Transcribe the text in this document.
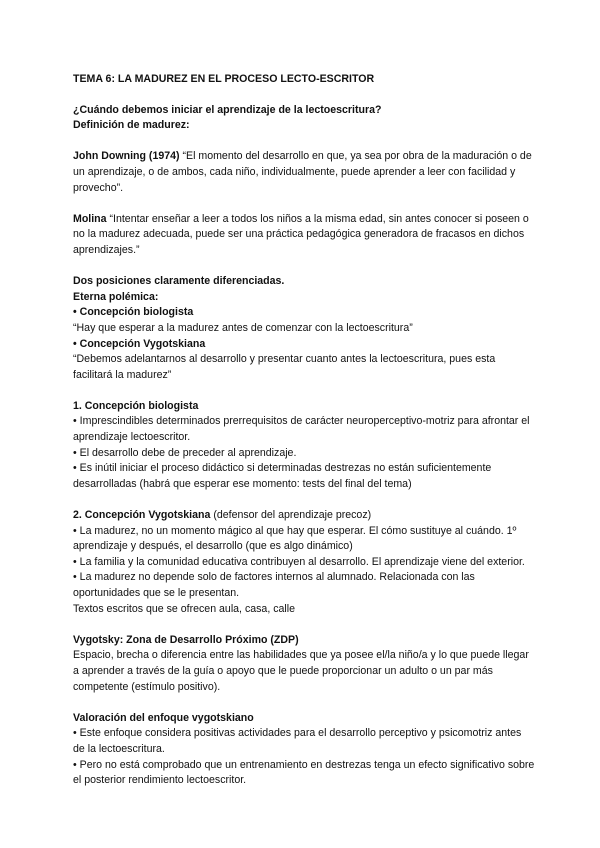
TEMA 6: LA MADUREZ EN EL PROCESO LECTO-ESCRITOR

¿Cuándo debemos iniciar el aprendizaje de la lectoescritura?

Definición de madurez:

John Downing (1974) “El momento del desarrollo en que, ya sea por obra de la maduración o de un aprendizaje, o de ambos, cada niño, individualmente, puede aprender a leer con facilidad y provecho”.

Molina “Intentar enseñar a leer a todos los niños a la misma edad, sin antes conocer si poseen o no la madurez adecuada, puede ser una práctica pedagógica generadora de fracasos en dichos aprendizajes.”

Dos posiciones claramente diferenciadas.

Eterna polémica:

• Concepción biologista

“Hay que esperar a la madurez antes de comenzar con la lectoescritura”

• Concepción Vygotskiana

“Debemos adelantarnos al desarrollo y presentar cuanto antes la lectoescritura, pues esta facilitará la madurez”

1. Concepción biologista

• Imprescindibles determinados prerrequisitos de carácter neuroperceptivo-motriz para afrontar el aprendizaje lectoescritor.

• El desarrollo debe de preceder al aprendizaje.

• Es inútil iniciar el proceso didáctico si determinadas destrezas no están suficientemente desarrolladas (habrá que esperar ese momento: tests del final del tema)

2. Concepción Vygotskiana (defensor del aprendizaje precoz)

• La madurez, no un momento mágico al que hay que esperar. El cómo sustituye al cuándo. 1º aprendizaje y después, el desarrollo (que es algo dinámico)

• La familia y la comunidad educativa contribuyen al desarrollo. El aprendizaje viene del exterior.

• La madurez no depende solo de factores internos al alumnado. Relacionada con las oportunidades que se le presentan.

Textos escritos que se ofrecen aula, casa, calle

Vygotsky: Zona de Desarrollo Próximo (ZDP)

Espacio, brecha o diferencia entre las habilidades que ya posee el/la niño/a y lo que puede llegar a aprender a través de la guía o apoyo que le puede proporcionar un adulto o un par más competente (estímulo positivo).

Valoración del enfoque vygotskiano

• Este enfoque considera positivas actividades para el desarrollo perceptivo y psicomotriz antes de la lectoescritura.

• Pero no está comprobado que un entrenamiento en destrezas tenga un efecto significativo sobre el posterior rendimiento lectoescritor.
